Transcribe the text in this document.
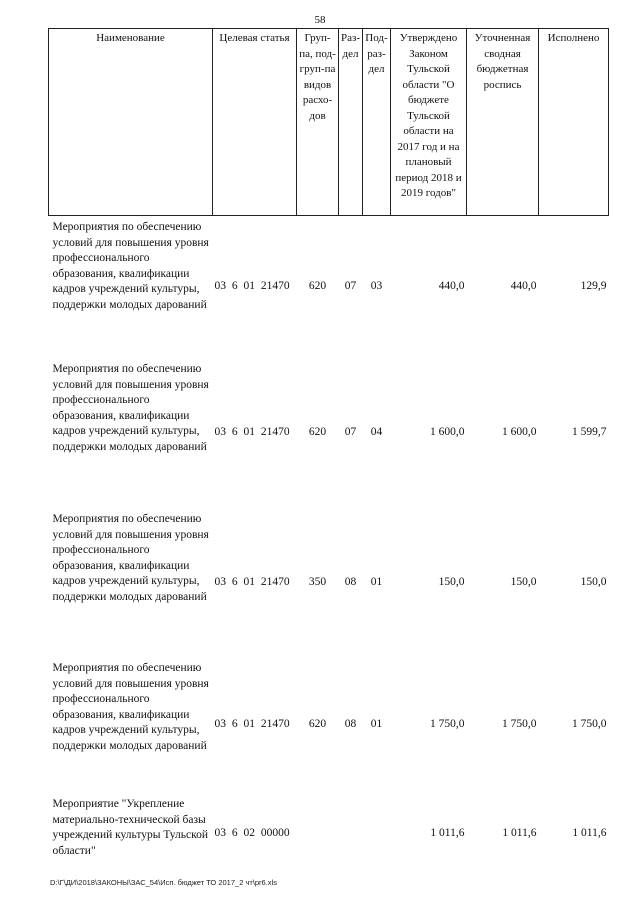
58
Наименование	Целевая статья	Груп-па, под-груп-па видов расхо-дов	Раз-дел	Под-раз-дел	Утверждено Законом Тульской области "О бюджете Тульской области на 2017 год и на плановый период 2018 и 2019 годов"	Уточненная сводная бюджетная роспись	Исполнено
Мероприятия по обеспечению условий для повышения уровня профессионального образования, квалификации кадров учреждений культуры, поддержки молодых дарований	03 6 01 21470	620	07	03	440,0	440,0	129,9
Мероприятия по обеспечению условий для повышения уровня профессионального образования, квалификации кадров учреждений культуры, поддержки молодых дарований	03 6 01 21470	620	07	04	1 600,0	1 600,0	1 599,7
Мероприятия по обеспечению условий для повышения уровня профессионального образования, квалификации кадров учреждений культуры, поддержки молодых дарований	03 6 01 21470	350	08	01	150,0	150,0	150,0
Мероприятия по обеспечению условий для повышения уровня профессионального образования, квалификации кадров учреждений культуры, поддержки молодых дарований	03 6 01 21470	620	08	01	1 750,0	1 750,0	1 750,0
Мероприятие "Укрепление материально-технической базы учреждений культуры Тульской области"	03 6 02 00000				1 011,6	1 011,6	1 011,6
D:\Г\ДИ\2018\ЗАКОНЫ\ЗАС_54\Исп. бюджет ТО 2017_2 чт\pr6.xls
